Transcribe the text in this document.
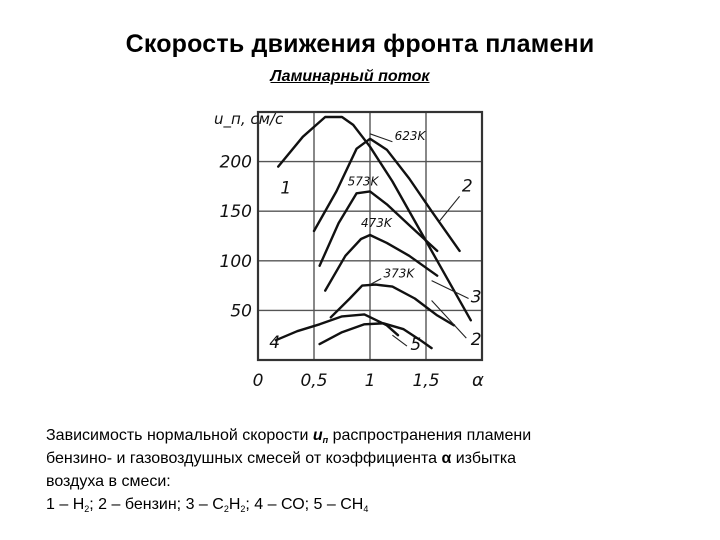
Скорость движения фронта пламени
Ламинарный поток
50
100
150
200
0 0,5 1 1,5
u_п, см/с
α
1	2
2
3
4	5
623K
573K
473K
373K
Зависимость нормальной скорости $u_п$ распространения пламени
бензино- и газовоздушных смесей от коэффициента α избытка
воздуха в смеси:
$1 - Н_2$; 2 – бензин; $3 - С_2Н_2$; 4 – СО; $5 - СН_4$
